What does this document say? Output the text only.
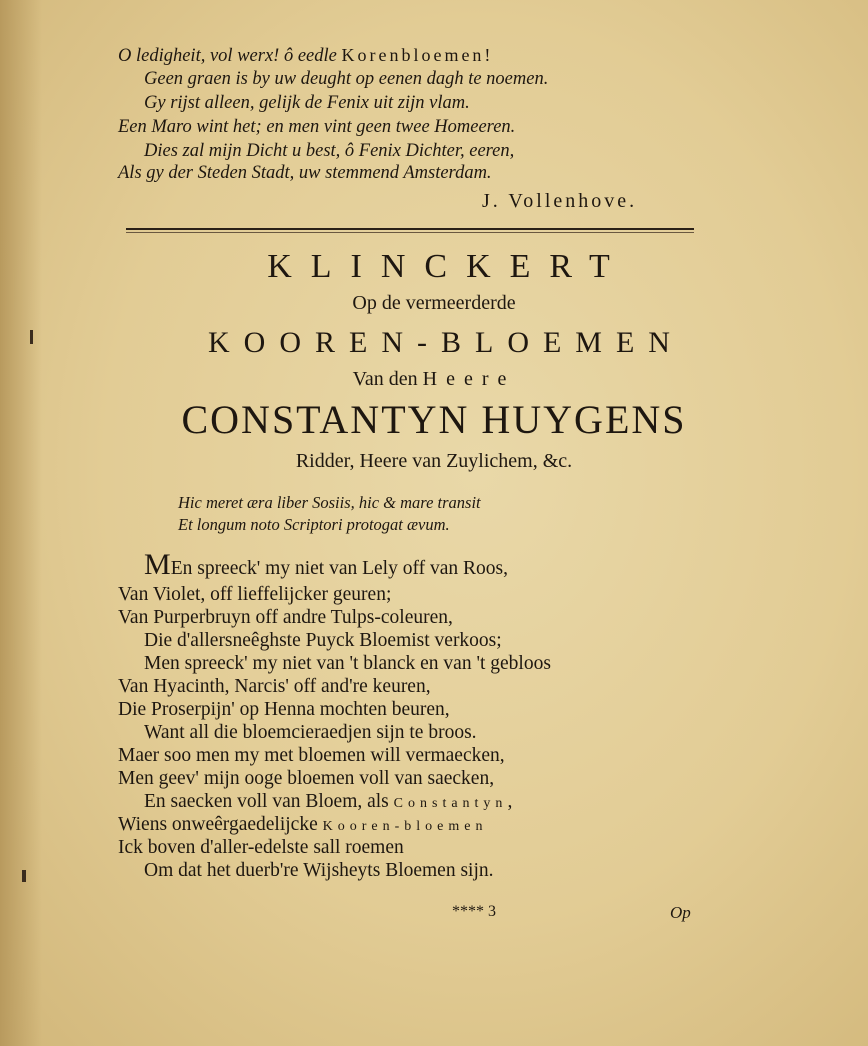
O ledigheit, vol werx! ô eedle Korenbloemen!
Geen graen is by uw deught op eenen dagh te noemen.
Gy rijst alleen, gelijk de Fenix uit zijn vlam.
Een Maro wint het; en men vint geen twee Homeeren.
Dies zal mijn Dicht u best, ô Fenix Dichter, eeren,
Als gy der Steden Stadt, uw stemmend Amsterdam.
J. Vollenhove.
KLINCKERT
Op de vermeerderde
KOOREN-BLOEMEN
Van den Heere
CONSTANTYN HUYGENS
Ridder, Heere van Zuylichem, &c.
Hic meret æra liber Sosiis, hic & mare transit
Et longum noto Scriptori protogat ævum.
MEn spreeck' my niet van Lely off van Roos,
Van Violet, off lieffelijcker geuren;
Van Purperbruyn off andre Tulps-coleuren,
Die d'allersneêghste Puyck Bloemist verkoos;
Men spreeck' my niet van 't blanck en van 't gebloos
Van Hyacinth, Narcis' off and're keuren,
Die Proserpijn' op Henna mochten beuren,
Want all die bloemcieraedjen sijn te broos.
Maer soo men my met bloemen will vermaecken,
Men geev' mijn ooge bloemen voll van saecken,
En saecken voll van Bloem, als Constantyn,
Wiens onweêrgaedelijcke Kooren-bloemen
Ick boven d'aller-edelste sall roemen
Om dat het duerb're Wijsheyts Bloemen sijn.
**** 3	Op
